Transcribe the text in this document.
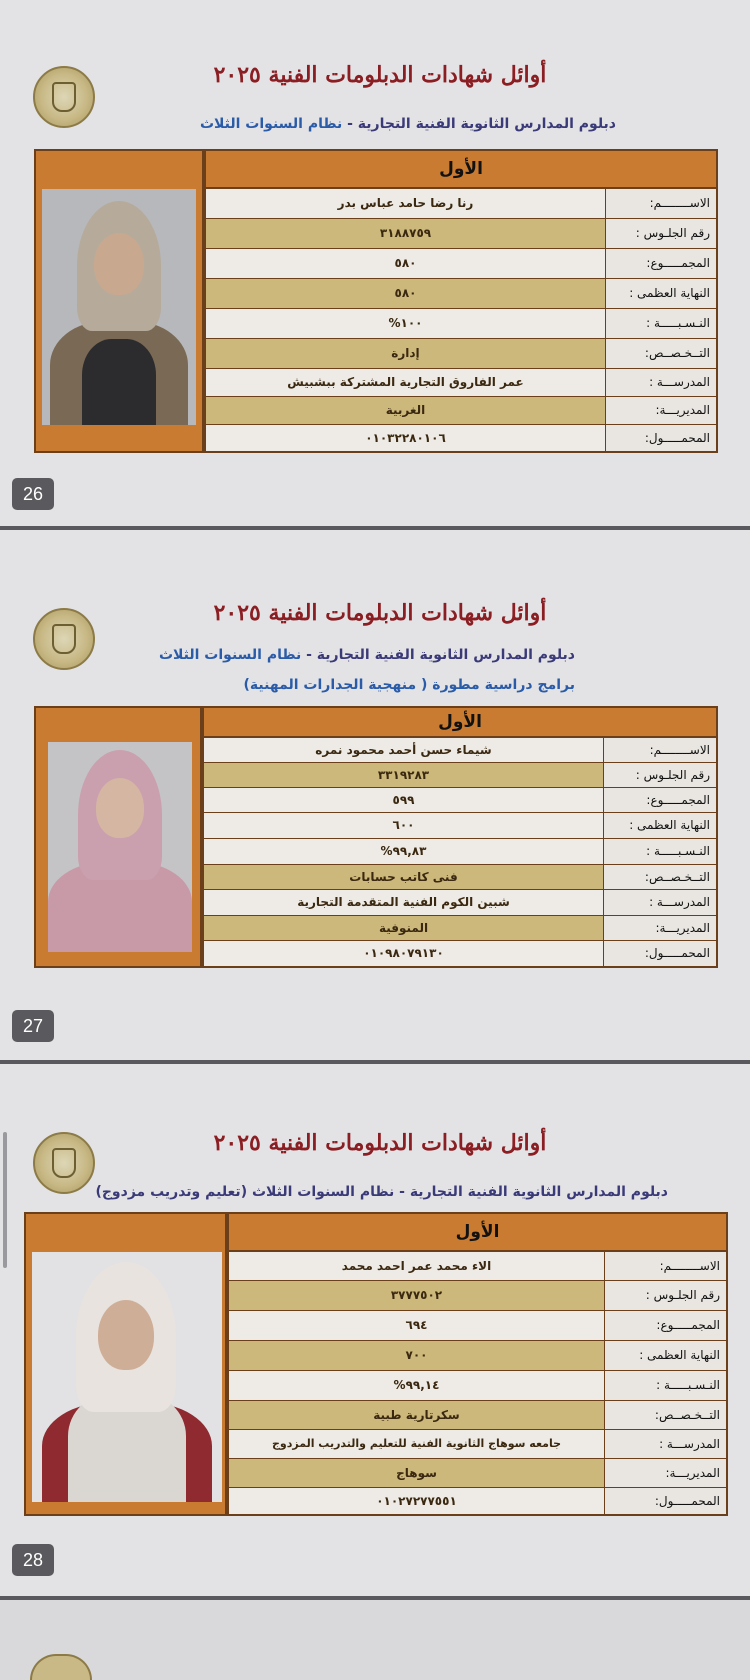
أوائل شهادات الدبلومات الفنية ٢٠٢٥
دبلوم المدارس الثانوية الفنية التجارية - نظام السنوات الثلاث
الأول
رنا رضا حامد عباس بدر	الاســــــــم:
٣١٨٨٧٥٩	رقم الجلـوس :
٥٨٠	المجمـــــوع:
٥٨٠	النهاية العظمى :
%١٠٠	النـسـبـــــة :
إدارة	التــخـصــص:
عمر الفاروق التجارية المشتركة ببشبيش	المدرســـة :
الغربية	المديريـــة:
٠١٠٣٢٢٨٠١٠٦	المحمـــــول:
26
أوائل شهادات الدبلومات الفنية ٢٠٢٥
دبلوم المدارس الثانوية الفنية التجارية - نظام السنوات الثلاث
برامج دراسية مطورة ( منهجية الجدارات المهنية)
الأول
شيماء حسن أحمد محمود نمره	الاســــــــم:
٣٣١٩٢٨٣	رقم الجلـوس :
٥٩٩	المجمـــــوع:
٦٠٠	النهاية العظمى :
%٩٩,٨٣	النـسـبـــــة :
فنى كاتب حسابات	التــخـصــص:
شبين الكوم الفنية المتقدمة التجارية	المدرســـة :
المنوفية	المديريـــة:
٠١٠٩٨٠٧٩١٣٠	المحمـــــول:
27
أوائل شهادات الدبلومات الفنية ٢٠٢٥
دبلوم المدارس الثانوية الفنية التجارية - نظام السنوات الثلاث (تعليم وتدريب مزدوج)
الأول
الاء محمد عمر احمد محمد	الاســــــــم:
٣٧٧٧٥٠٢	رقم الجلـوس :
٦٩٤	المجمـــــوع:
٧٠٠	النهاية العظمى :
%٩٩,١٤	النـسـبـــــة :
سكرتارية طبية	التــخـصــص:
جامعه سوهاج الثانوية الفنية للتعليم والتدريب المزدوج	المدرســـة :
سوهاج	المديريـــة:
٠١٠٢٧٢٧٧٥٥١	المحمـــــول:
28
